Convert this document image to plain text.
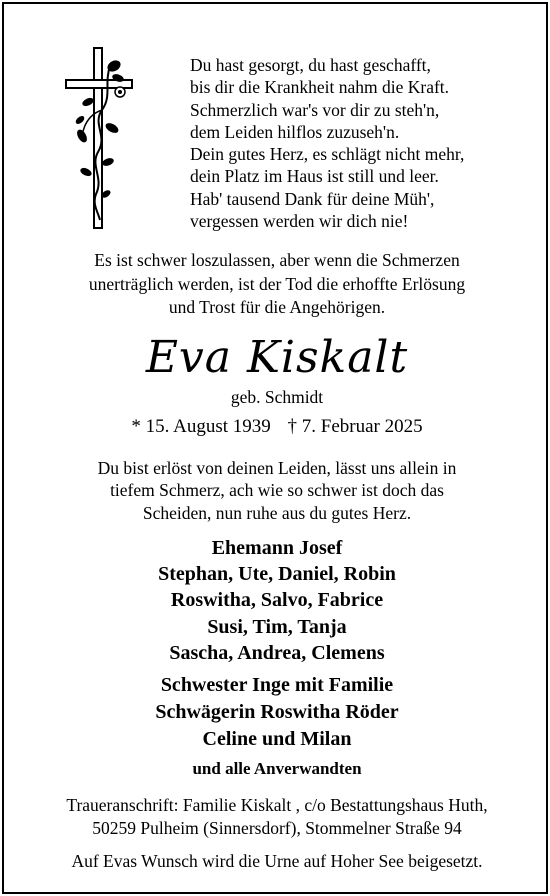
Du hast gesorgt, du hast geschafft,
bis dir die Krankheit nahm die Kraft.
Schmerzlich war's vor dir zu steh'n,
dem Leiden hilflos zuzuseh'n.
Dein gutes Herz, es schlägt nicht mehr,
dein Platz im Haus ist still und leer.
Hab' tausend Dank für deine Müh',
vergessen werden wir dich nie!
Es ist schwer loszulassen, aber wenn die Schmerzen
unerträglich werden, ist der Tod die erhoffte Erlösung
und Trost für die Angehörigen.
Eva Kiskalt
geb. Schmidt
* 15. August 1939 † 7. Februar 2025
Du bist erlöst von deinen Leiden, lässt uns allein in
tiefem Schmerz, ach wie so schwer ist doch das
Scheiden, nun ruhe aus du gutes Herz.
Ehemann Josef
Stephan, Ute, Daniel, Robin
Roswitha, Salvo, Fabrice
Susi, Tim, Tanja
Sascha, Andrea, Clemens
Schwester Inge mit Familie
Schwägerin Roswitha Röder
Celine und Milan
und alle Anverwandten
Traueranschrift: Familie Kiskalt , c/o Bestattungshaus Huth,
50259 Pulheim (Sinnersdorf), Stommelner Straße 94
Auf Evas Wunsch wird die Urne auf Hoher See beigesetzt.
